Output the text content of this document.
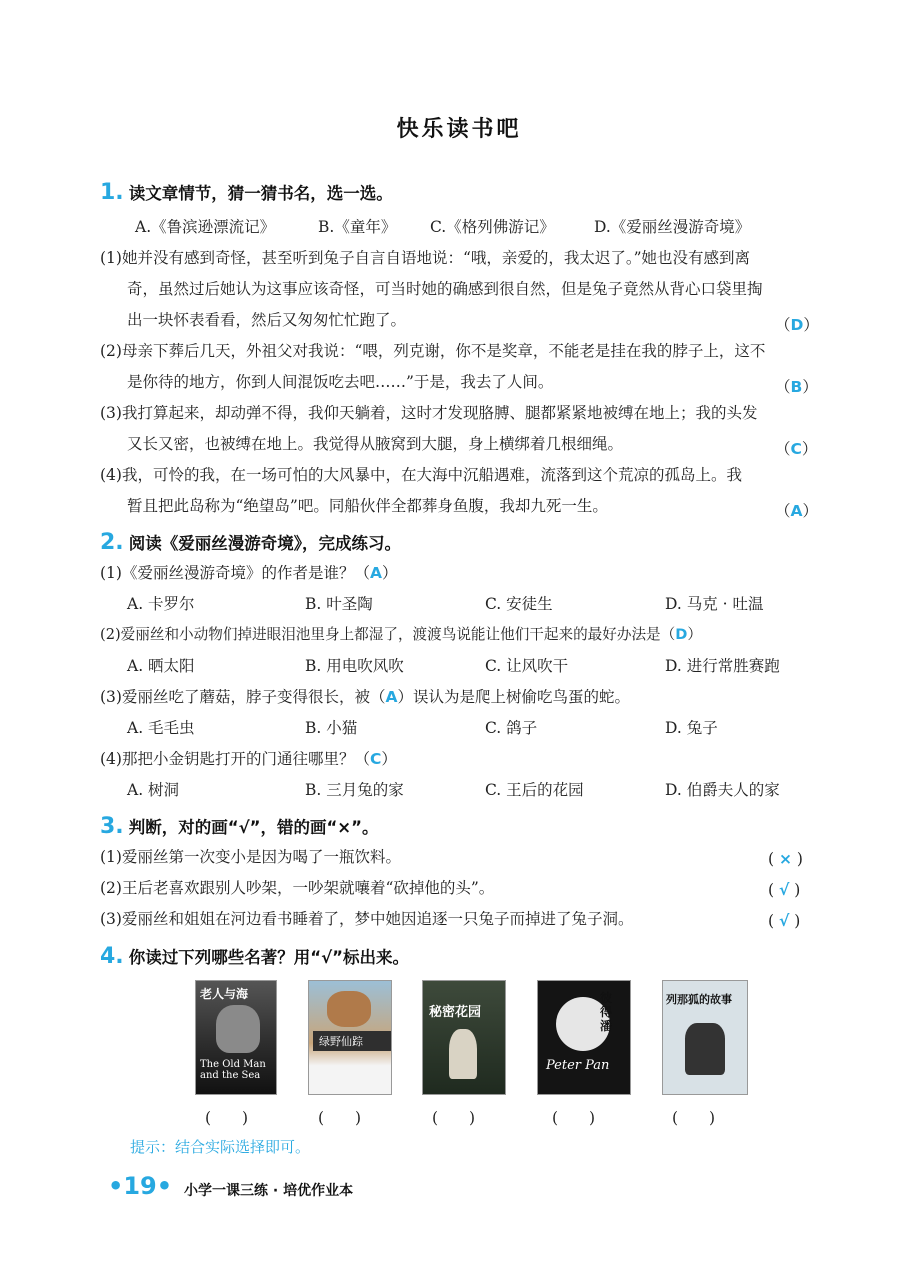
快乐读书吧
1. 读文章情节，猜一猜书名，选一选。
A.《鲁滨逊漂流记》	B.《童年》 C.《格列佛游记》	D.《爱丽丝漫游奇境》
(1)她并没有感到奇怪，甚至听到兔子自言自语地说：“哦，亲爱的，我太迟了。”她也没有感到离
奇，虽然过后她认为这事应该奇怪，可当时她的确感到很自然，但是兔子竟然从背心口袋里掏
出一块怀表看看，然后又匆匆忙忙跑了。	（D）
(2)母亲下葬后几天，外祖父对我说：“喂，列克谢，你不是奖章，不能老是挂在我的脖子上，这不
是你待的地方，你到人间混饭吃去吧……”于是，我去了人间。	（B）
(3)我打算起来，却动弹不得，我仰天躺着，这时才发现胳膊、腿都紧紧地被缚在地上；我的头发
又长又密，也被缚在地上。我觉得从腋窝到大腿，身上横绑着几根细绳。	（C）
(4)我，可怜的我，在一场可怕的大风暴中，在大海中沉船遇难，流落到这个荒凉的孤岛上。我
暂且把此岛称为“绝望岛”吧。同船伙伴全都葬身鱼腹，我却九死一生。	（A）
2. 阅读《爱丽丝漫游奇境》，完成练习。
(1)《爱丽丝漫游奇境》的作者是谁？（A）
A. 卡罗尔	B. 叶圣陶	C. 安徒生	D. 马克 · 吐温
(2)爱丽丝和小动物们掉进眼泪池里身上都湿了，渡渡鸟说能让他们干起来的最好办法是（D）
A. 晒太阳	B. 用电吹风吹	C. 让风吹干	D. 进行常胜赛跑
(3)爱丽丝吃了蘑菇，脖子变得很长，被（A）误认为是爬上树偷吃鸟蛋的蛇。
A. 毛毛虫	B. 小猫	C. 鸽子	D. 兔子
(4)那把小金钥匙打开的门通往哪里？（C）
A. 树洞	B. 三月兔的家	C. 王后的花园	D. 伯爵夫人的家
3. 判断，对的画“√”，错的画“×”。
(1)爱丽丝第一次变小是因为喝了一瓶饮料。	( × )
(2)王后老喜欢跟别人吵架，一吵架就嚷着“砍掉他的头”。	( √ )
(3)爱丽丝和姐姐在河边看书睡着了，梦中她因追逐一只兔子而掉进了兔子洞。	( √ )
4. 你读过下列哪些名著？用“√”标出来。
老人与海
The Old Man and the Sea
绿野仙踪
秘密花园
彼得潘
Peter Pan
列那狐的故事
(　　)	(　　)	(　　)	(　　)	(　　)
提示：结合实际选择即可。
•19• 小学一课三练 · 培优作业本
